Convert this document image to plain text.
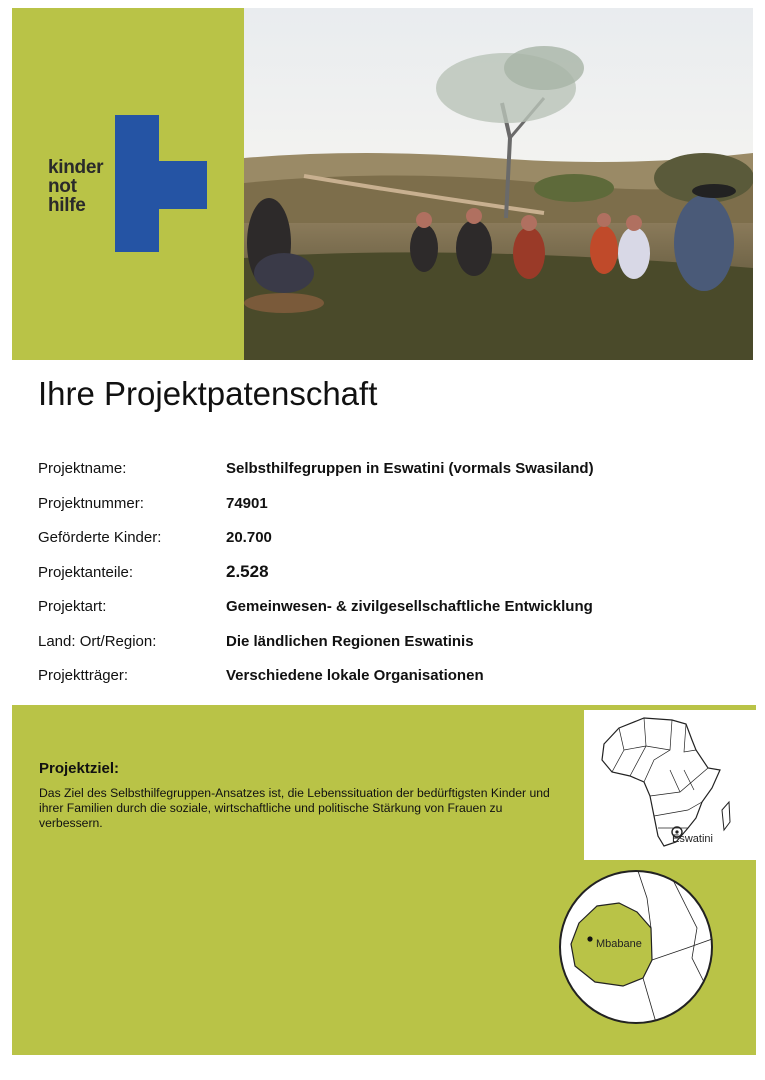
kinder
not
hilfe
Ihre Projektpatenschaft
Projektname:	Selbsthilfegruppen in Eswatini (vormals Swasiland)
Projektnummer:	74901
Geförderte Kinder:	20.700
Projektanteile:	2.528
Projektart:	Gemeinwesen- & zivilgesellschaftliche Entwicklung
Land: Ort/Region:	Die ländlichen Regionen Eswatinis
Projektträger:	Verschiedene lokale Organisationen
Projektziel:
Das Ziel des Selbsthilfegruppen-Ansatzes ist, die Lebenssituation der bedürftigsten Kinder und ihrer Familien durch die soziale, wirtschaftliche und politische Stärkung von Frauen zu verbessern.
Eswatini
Mbabane
